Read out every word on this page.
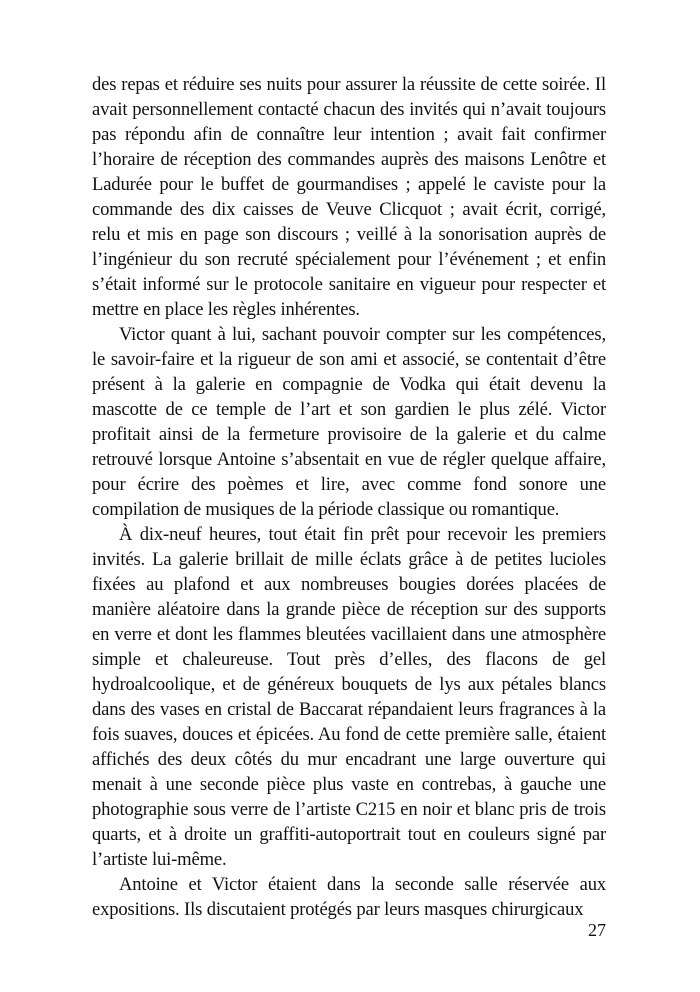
des repas et réduire ses nuits pour assurer la réussite de cette soirée. Il avait personnellement contacté chacun des invités qui n’avait toujours pas répondu afin de connaître leur intention ; avait fait confirmer l’horaire de réception des commandes auprès des maisons Lenôtre et Ladurée pour le buffet de gourmandises ; appelé le caviste pour la commande des dix caisses de Veuve Clicquot ; avait écrit, corrigé, relu et mis en page son discours ; veillé à la sonorisation auprès de l’ingénieur du son recruté spécialement pour l’événement ; et enfin s’était informé sur le protocole sanitaire en vigueur pour respecter et mettre en place les règles inhérentes.

Victor quant à lui, sachant pouvoir compter sur les compétences, le savoir-faire et la rigueur de son ami et associé, se contentait d’être présent à la galerie en compagnie de Vodka qui était devenu la mascotte de ce temple de l’art et son gardien le plus zélé. Victor profitait ainsi de la fermeture provisoire de la galerie et du calme retrouvé lorsque Antoine s’absentait en vue de régler quelque affaire, pour écrire des poèmes et lire, avec comme fond sonore une compilation de musiques de la période classique ou romantique.

À dix-neuf heures, tout était fin prêt pour recevoir les premiers invités. La galerie brillait de mille éclats grâce à de petites lucioles fixées au plafond et aux nombreuses bougies dorées placées de manière aléatoire dans la grande pièce de réception sur des supports en verre et dont les flammes bleutées vacillaient dans une atmosphère simple et chaleureuse. Tout près d’elles, des flacons de gel hydroalcoolique, et de généreux bouquets de lys aux pétales blancs dans des vases en cristal de Baccarat répandaient leurs fragrances à la fois suaves, douces et épicées. Au fond de cette première salle, étaient affichés des deux côtés du mur encadrant une large ouverture qui menait à une seconde pièce plus vaste en contrebas, à gauche une photographie sous verre de l’artiste C215 en noir et blanc pris de trois quarts, et à droite un graffiti-autoportrait tout en couleurs signé par l’artiste lui-même.

Antoine et Victor étaient dans la seconde salle réservée aux expositions. Ils discutaient protégés par leurs masques chirurgicaux

27
